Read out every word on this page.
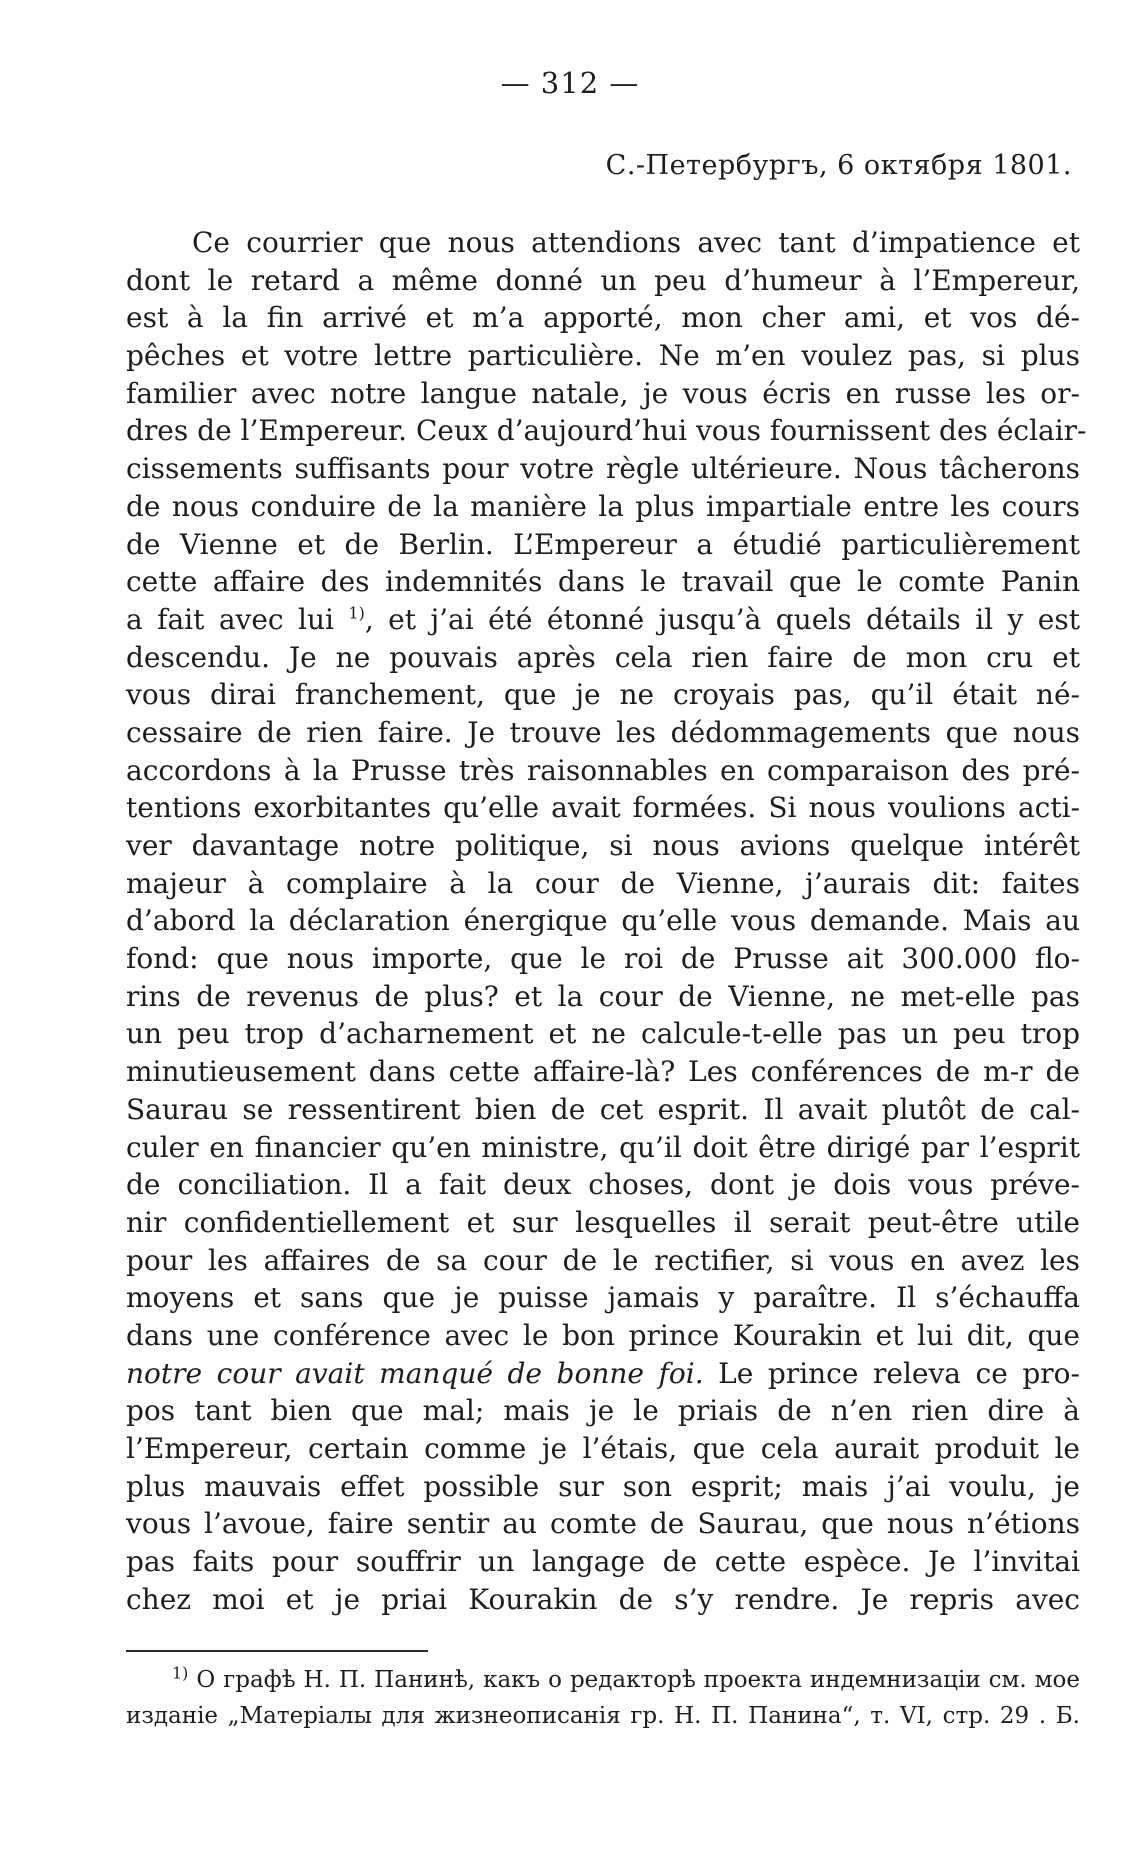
— 312 —
С.-Петербургъ, 6 октября 1801.
Ce courrier que nous attendions avec tant d’impatience et
dont le retard a même donné un peu d’humeur à l’Empereur,
est à la fin arrivé et m’a apporté, mon cher ami, et vos dé-
pêches et votre lettre particulière. Ne m’en voulez pas, si plus
familier avec notre langue natale, je vous écris en russe les or-
dres de l’Empereur. Ceux d’aujourd’hui vous fournissent des éclair-
cissements suffisants pour votre règle ultérieure. Nous tâcherons
de nous conduire de la manière la plus impartiale entre les cours
de Vienne et de Berlin. L’Empereur a étudié particulièrement
cette affaire des indemnités dans le travail que le comte Panin
a fait avec lui $^{1)}$, et j’ai été étonné jusqu’à quels détails il y est
descendu. Je ne pouvais après cela rien faire de mon cru et
vous dirai franchement, que je ne croyais pas, qu’il était né-
cessaire de rien faire. Je trouve les dédommagements que nous
accordons à la Prusse très raisonnables en comparaison des pré-
tentions exorbitantes qu’elle avait formées. Si nous voulions acti-
ver davantage notre politique, si nous avions quelque intérêt
majeur à complaire à la cour de Vienne, j’aurais dit: faites
d’abord la déclaration énergique qu’elle vous demande. Mais au
fond: que nous importe, que le roi de Prusse ait 300.000 flo-
rins de revenus de plus? et la cour de Vienne, ne met-elle pas
un peu trop d’acharnement et ne calcule-t-elle pas un peu trop
minutieusement dans cette affaire-là? Les conférences de m-r de
Saurau se ressentirent bien de cet esprit. Il avait plutôt de cal-
culer en financier qu’en ministre, qu’il doit être dirigé par l’esprit
de conciliation. Il a fait deux choses, dont je dois vous préve-
nir confidentiellement et sur lesquelles il serait peut-être utile
pour les affaires de sa cour de le rectifier, si vous en avez les
moyens et sans que je puisse jamais y paraître. Il s’échauffa
dans une conférence avec le bon prince Kourakin et lui dit, que
notre cour avait manqué de bonne foi. Le prince releva ce pro-
pos tant bien que mal; mais je le priais de n’en rien dire à
l’Empereur, certain comme je l’étais, que cela aurait produit le
plus mauvais effet possible sur son esprit; mais j’ai voulu, je
vous l’avoue, faire sentir au comte de Saurau, que nous n’étions
pas faits pour souffrir un langage de cette espèce. Je l’invitai
chez moi et je priai Kourakin de s’y rendre. Je repris avec
$^{1)}$ О графѣ Н. П. Панинѣ, какъ о редакторѣ проекта индемнизаціи см. мое
изданіе „Матеріалы для жизнеописанія гр. Н. П. Панина“, т. VI, стр. 29 . Б.
